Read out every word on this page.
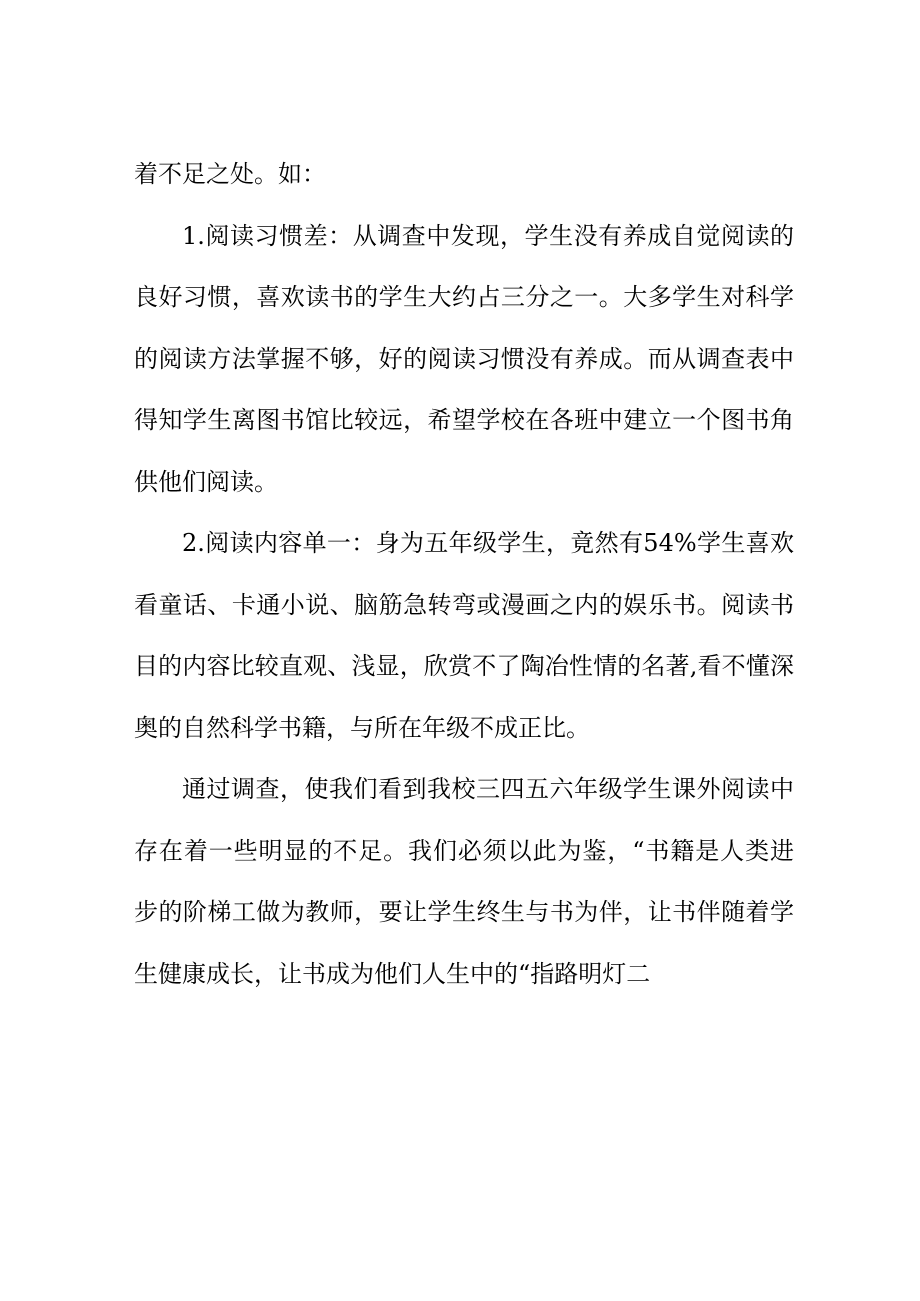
着不足之处。如：

1.阅读习惯差：从调查中发现，学生没有养成自觉阅读的良好习惯，喜欢读书的学生大约占三分之一。大多学生对科学的阅读方法掌握不够，好的阅读习惯没有养成。而从调查表中得知学生离图书馆比较远，希望学校在各班中建立一个图书角供他们阅读。

2.阅读内容单一：身为五年级学生，竟然有54%学生喜欢看童话、卡通小说、脑筋急转弯或漫画之内的娱乐书。阅读书目的内容比较直观、浅显，欣赏不了陶冶性情的名著,看不懂深奥的自然科学书籍，与所在年级不成正比。

通过调查，使我们看到我校三四五六年级学生课外阅读中存在着一些明显的不足。我们必须以此为鉴，“书籍是人类进步的阶梯工做为教师，要让学生终生与书为伴，让书伴随着学生健康成长，让书成为他们人生中的“指路明灯二
